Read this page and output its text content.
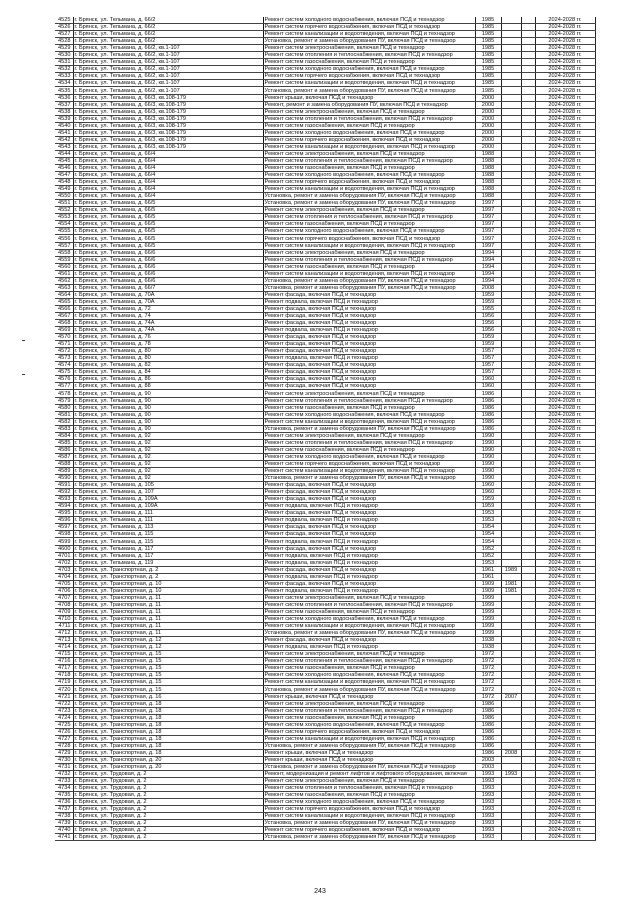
4525	г. Брянск, ул. Тельмана, д. 66/2	Ремонт систем холодного водоснабжения, включая ПСД и технадзор	1985			2024-2028 гг.
4526	г. Брянск, ул. Тельмана, д. 66/2	Ремонт систем горячего водоснабжения, включая ПСД и технадзор	1985			2024-2028 гг.
4527	г. Брянск, ул. Тельмана, д. 66/2	Ремонт систем канализации и водоотведения, включая ПСД и технадзор	1985			2024-2028 гг.
4528	г. Брянск, ул. Тельмана, д. 66/2	Установка, ремонт и замена оборудования ПУ, включая ПСД и технадзор	1985			2024-2028 гг.
4529	г. Брянск, ул. Тельмана, д. 66/2, кв.1-107	Ремонт систем электроснабжения, включая ПСД и технадзор	1985			2024-2028 гг.
4530	г. Брянск, ул. Тельмана, д. 66/2, кв.1-107	Ремонт систем отопления и теплоснабжения, включая ПСД и технадзор	1985			2024-2028 гг.
4531	г. Брянск, ул. Тельмана, д. 66/2, кв.1-107	Ремонт систем газоснабжения, включая ПСД и технадзор	1985			2024-2028 гг.
4532	г. Брянск, ул. Тельмана, д. 66/2, кв.1-107	Ремонт систем холодного водоснабжения, включая ПСД и технадзор	1985			2024-2028 гг.
4533	г. Брянск, ул. Тельмана, д. 66/2, кв.1-107	Ремонт систем горячего водоснабжения, включая ПСД и технадзор	1985			2024-2028 гг.
4534	г. Брянск, ул. Тельмана, д. 66/2, кв.1-107	Ремонт систем канализации и водоотведения, включая ПСД и технадзор	1985			2024-2028 гг.
4535	г. Брянск, ул. Тельмана, д. 66/2, кв.1-107	Установка, ремонт и замена оборудования ПУ, включая ПСД и технадзор	1985			2024-2028 гг.
4536	г. Брянск, ул. Тельмана, д. 66/3, кв.108-179	Ремонт крыши, включая ПСД и технадзор	2000			2024-2028 гг.
4537	г. Брянск, ул. Тельмана, д. 66/3, кв.108-179	Ремонт, ремонт и замена оборудования ПУ, включая ПСД и технадзор	2000			2024-2028 гг.
4538	г. Брянск, ул. Тельмана, д. 66/3, кв.108-179	Ремонт систем электроснабжения, включая ПСД и технадзор	2000			2024-2028 гг.
4539	г. Брянск, ул. Тельмана, д. 66/3, кв.108-179	Ремонт систем отопления и теплоснабжения, включая ПСД и технадзор	2000			2024-2028 гг.
4540	г. Брянск, ул. Тельмана, д. 66/3, кв.108-179	Ремонт систем газоснабжения, включая ПСД и технадзор	2000			2024-2028 гг.
4541	г. Брянск, ул. Тельмана, д. 66/3, кв.108-179	Ремонт систем холодного водоснабжения, включая ПСД и технадзор	2000			2024-2028 гг.
4542	г. Брянск, ул. Тельмана, д. 66/3, кв.108-179	Ремонт систем горячего водоснабжения, включая ПСД и технадзор	2000			2024-2028 гг.
4543	г. Брянск, ул. Тельмана, д. 66/3, кв.108-179	Ремонт систем канализации и водоотведения, включая ПСД и технадзор	2000			2024-2028 гг.
4544	г. Брянск, ул. Тельмана, д. 66/4	Ремонт систем электроснабжения, включая ПСД и технадзор	1988			2024-2028 гг.
4545	г. Брянск, ул. Тельмана, д. 66/4	Ремонт систем отопления и теплоснабжения, включая ПСД и технадзор	1988			2024-2028 гг.
4546	г. Брянск, ул. Тельмана, д. 66/4	Ремонт систем газоснабжения, включая ПСД и технадзор	1988			2024-2028 гг.
4547	г. Брянск, ул. Тельмана, д. 66/4	Ремонт систем холодного водоснабжения, включая ПСД и технадзор	1988			2024-2028 гг.
4548	г. Брянск, ул. Тельмана, д. 66/4	Ремонт систем горячего водоснабжения, включая ПСД и технадзор	1988			2024-2028 гг.
4549	г. Брянск, ул. Тельмана, д. 66/4	Ремонт систем канализации и водоотведения, включая ПСД и технадзор	1988			2024-2028 гг.
4550	г. Брянск, ул. Тельмана, д. 66/4	Установка, ремонт и замена оборудования ПУ, включая ПСД и технадзор	1988			2024-2028 гг.
4551	г. Брянск, ул. Тельмана, д. 66/5	Установка, ремонт и замена оборудования ПУ, включая ПСД и технадзор	1997			2024-2028 гг.
4552	г. Брянск, ул. Тельмана, д. 66/5	Ремонт систем электроснабжения, включая ПСД и технадзор	1997			2024-2028 гг.
4553	г. Брянск, ул. Тельмана, д. 66/5	Ремонт систем отопления и теплоснабжения, включая ПСД и технадзор	1997			2024-2028 гг.
4554	г. Брянск, ул. Тельмана, д. 66/5	Ремонт систем газоснабжения, включая ПСД и технадзор	1997			2024-2028 гг.
4555	г. Брянск, ул. Тельмана, д. 66/5	Ремонт систем холодного водоснабжения, включая ПСД и технадзор	1997			2024-2028 гг.
4556	г. Брянск, ул. Тельмана, д. 66/5	Ремонт систем горячего водоснабжения, включая ПСД и технадзор	1997			2024-2028 гг.
4557	г. Брянск, ул. Тельмана, д. 66/5	Ремонт систем канализации и водоотведения, включая ПСД и технадзор	1997			2024-2028 гг.
4558	г. Брянск, ул. Тельмана, д. 66/6	Ремонт систем электроснабжения, включая ПСД и технадзор	1994			2024-2028 гг.
4559	г. Брянск, ул. Тельмана, д. 66/6	Ремонт систем отопления и теплоснабжения, включая ПСД и технадзор	1994			2024-2028 гг.
4560	г. Брянск, ул. Тельмана, д. 66/6	Ремонт систем газоснабжения, включая ПСД и технадзор	1994			2024-2028 гг.
4561	г. Брянск, ул. Тельмана, д. 66/6	Ремонт систем канализации и водоотведения, включая ПСД и технадзор	1994			2024-2028 гг.
4562	г. Брянск, ул. Тельмана, д. 66/6	Установка, ремонт и замена оборудования ПУ, включая ПСД и технадзор	1994			2024-2028 гг.
4563	г. Брянск, ул. Тельмана, д. 66/7	Установка, ремонт и замена оборудования ПУ, включая ПСД и технадзор	2008			2024-2028 гг.
4564	г. Брянск, ул. Тельмана, д. 70А	Ремонт фасада, включая ПСД и технадзор	1959			2024-2028 гг.
4565	г. Брянск, ул. Тельмана, д. 70А	Ремонт подвала, включая ПСД и технадзор	1959			2024-2028 гг.
4566	г. Брянск, ул. Тельмана, д. 72	Ремонт фасада, включая ПСД и технадзор	1955			2024-2028 гг.
4567	г. Брянск, ул. Тельмана, д. 74	Ремонт фасада, включая ПСД и технадзор	1956			2024-2028 гг.
4568	г. Брянск, ул. Тельмана, д. 74А	Ремонт фасада, включая ПСД и технадзор	1956			2024-2028 гг.
4569	г. Брянск, ул. Тельмана, д. 74А	Ремонт подвала, включая ПСД и технадзор	1956			2024-2028 гг.
4570	г. Брянск, ул. Тельмана, д. 76	Ремонт фасада, включая ПСД и технадзор	1959			2024-2028 гг.
4571	г. Брянск, ул. Тельмана, д. 78	Ремонт фасада, включая ПСД и технадзор	1959			2024-2028 гг.
4572	г. Брянск, ул. Тельмана, д. 80	Ремонт фасада, включая ПСД и технадзор	1957			2024-2028 гг.
4573	г. Брянск, ул. Тельмана, д. 80	Ремонт подвала, включая ПСД и технадзор	1957			2024-2028 гг.
4574	г. Брянск, ул. Тельмана, д. 82	Ремонт фасада, включая ПСД и технадзор	1957			2024-2028 гг.
4575	г. Брянск, ул. Тельмана, д. 84	Ремонт фасада, включая ПСД и технадзор	1957			2024-2028 гг.
4576	г. Брянск, ул. Тельмана, д. 86	Ремонт фасада, включая ПСД и технадзор	1960			2024-2028 гг.
4577	г. Брянск, ул. Тельмана, д. 88	Ремонт фасада, включая ПСД и технадзор	1960			2024-2028 гг.
4578	г. Брянск, ул. Тельмана, д. 90	Ремонт систем электроснабжения, включая ПСД и технадзор	1986			2024-2028 гг.
4579	г. Брянск, ул. Тельмана, д. 90	Ремонт систем отопления и теплоснабжения, включая ПСД и технадзор	1986			2024-2028 гг.
4580	г. Брянск, ул. Тельмана, д. 90	Ремонт систем газоснабжения, включая ПСД и технадзор	1986			2024-2028 гг.
4581	г. Брянск, ул. Тельмана, д. 90	Ремонт систем холодного водоснабжения, включая ПСД и технадзор	1986			2024-2028 гг.
4582	г. Брянск, ул. Тельмана, д. 90	Ремонт систем канализации и водоотведения, включая ПСД и технадзор	1986			2024-2028 гг.
4583	г. Брянск, ул. Тельмана, д. 90	Установка, ремонт и замена оборудования ПУ, включая ПСД и технадзор	1986			2024-2028 гг.
4584	г. Брянск, ул. Тельмана, д. 92	Ремонт систем электроснабжения, включая ПСД и технадзор	1990			2024-2028 гг.
4585	г. Брянск, ул. Тельмана, д. 92	Ремонт систем отопления и теплоснабжения, включая ПСД и технадзор	1990			2024-2028 гг.
4586	г. Брянск, ул. Тельмана, д. 92	Ремонт систем газоснабжения, включая ПСД и технадзор	1990			2024-2028 гг.
4587	г. Брянск, ул. Тельмана, д. 92	Ремонт систем холодного водоснабжения, включая ПСД и технадзор	1990			2024-2028 гг.
4588	г. Брянск, ул. Тельмана, д. 92	Ремонт систем горячего водоснабжения, включая ПСД и технадзор	1990			2024-2028 гг.
4589	г. Брянск, ул. Тельмана, д. 92	Ремонт систем канализации и водоотведения, включая ПСД и технадзор	1990			2024-2028 гг.
4590	г. Брянск, ул. Тельмана, д. 92	Установка, ремонт и замена оборудования ПУ, включая ПСД и технадзор	1990			2024-2028 гг.
4591	г. Брянск, ул. Тельмана, д. 105	Ремонт фасада, включая ПСД и технадзор	1960			2024-2028 гг.
4592	г. Брянск, ул. Тельмана, д. 107	Ремонт фасада, включая ПСД и технадзор	1960			2024-2028 гг.
4593	г. Брянск, ул. Тельмана, д. 109А	Ремонт фасада, включая ПСД и технадзор	1959			2024-2028 гг.
4594	г. Брянск, ул. Тельмана, д. 109А	Ремонт подвала, включая ПСД и технадзор	1959			2024-2028 гг.
4595	г. Брянск, ул. Тельмана, д. 111	Ремонт фасада, включая ПСД и технадзор	1953			2024-2028 гг.
4596	г. Брянск, ул. Тельмана, д. 111	Ремонт подвала, включая ПСД и технадзор	1953			2024-2028 гг.
4597	г. Брянск, ул. Тельмана, д. 113	Ремонт фасада, включая ПСД и технадзор	1954			2024-2028 гг.
4598	г. Брянск, ул. Тельмана, д. 115	Ремонт фасада, включая ПСД и технадзор	1954			2024-2028 гг.
4599	г. Брянск, ул. Тельмана, д. 115	Ремонт подвала, включая ПСД и технадзор	1954			2024-2028 гг.
4600	г. Брянск, ул. Тельмана, д. 117	Ремонт фасада, включая ПСД и технадзор	1952			2024-2028 гг.
4701	г. Брянск, ул. Тельмана, д. 117	Ремонт подвала, включая ПСД и технадзор	1952			2024-2028 гг.
4702	г. Брянск, ул. Тельмана, д. 119	Ремонт подвала, включая ПСД и технадзор	1953			2024-2028 гг.
4703	г. Брянск, ул. Транспортная, д. 2	Ремонт фасада, включая ПСД и технадзор	1961	1989		2024-2028 гг.
4704	г. Брянск, ул. Транспортная, д. 2	Ремонт подвала, включая ПСД и технадзор	1961			2024-2028 гг.
4705	г. Брянск, ул. Транспортная, д. 10	Ремонт фасада, включая ПСД и технадзор	1909	1981		2024-2028 гг.
4706	г. Брянск, ул. Транспортная, д. 10	Ремонт подвала, включая ПСД и технадзор	1909	1981		2024-2028 гг.
4707	г. Брянск, ул. Транспортная, д. 11	Ремонт систем электроснабжения, включая ПСД и технадзор	1999			2024-2028 гг.
4708	г. Брянск, ул. Транспортная, д. 11	Ремонт систем отопления и теплоснабжения, включая ПСД и технадзор	1999			2024-2028 гг.
4709	г. Брянск, ул. Транспортная, д. 11	Ремонт систем газоснабжения, включая ПСД и технадзор	1999			2024-2028 гг.
4710	г. Брянск, ул. Транспортная, д. 11	Ремонт систем холодного водоснабжения, включая ПСД и технадзор	1999			2024-2028 гг.
4711	г. Брянск, ул. Транспортная, д. 11	Ремонт систем канализации и водоотведения, включая ПСД и технадзор	1999			2024-2028 гг.
4712	г. Брянск, ул. Транспортная, д. 11	Установка, ремонт и замена оборудования ПУ, включая ПСД и технадзор	1999			2024-2028 гг.
4713	г. Брянск, ул. Транспортная, д. 12	Ремонт фасада, включая ПСД и технадзор	1938			2024-2028 гг.
4714	г. Брянск, ул. Транспортная, д. 12	Ремонт подвала, включая ПСД и технадзор	1938			2024-2028 гг.
4715	г. Брянск, ул. Транспортная, д. 15	Ремонт систем электроснабжения, включая ПСД и технадзор	1972			2024-2028 гг.
4716	г. Брянск, ул. Транспортная, д. 15	Ремонт систем отопления и теплоснабжения, включая ПСД и технадзор	1972			2024-2028 гг.
4717	г. Брянск, ул. Транспортная, д. 15	Ремонт систем газоснабжения, включая ПСД и технадзор	1972			2024-2028 гг.
4718	г. Брянск, ул. Транспортная, д. 15	Ремонт систем холодного водоснабжения, включая ПСД и технадзор	1972			2024-2028 гг.
4719	г. Брянск, ул. Транспортная, д. 15	Ремонт систем канализации и водоотведения, включая ПСД и технадзор	1972			2024-2028 гг.
4720	г. Брянск, ул. Транспортная, д. 15	Установка, ремонт и замена оборудования ПУ, включая ПСД и технадзор	1972			2024-2028 гг.
4721	г. Брянск, ул. Транспортная, д. 16	Ремонт крыши, включая ПСД и технадзор	1972	2007		2024-2028 гг.
4722	г. Брянск, ул. Транспортная, д. 18	Ремонт систем электроснабжения, включая ПСД и технадзор	1986			2024-2028 гг.
4723	г. Брянск, ул. Транспортная, д. 18	Ремонт систем отопления и теплоснабжения, включая ПСД и технадзор	1986			2024-2028 гг.
4724	г. Брянск, ул. Транспортная, д. 18	Ремонт систем газоснабжения, включая ПСД и технадзор	1986			2024-2028 гг.
4725	г. Брянск, ул. Транспортная, д. 18	Ремонт систем холодного водоснабжения, включая ПСД и технадзор	1986			2024-2028 гг.
4726	г. Брянск, ул. Транспортная, д. 18	Ремонт систем горячего водоснабжения, включая ПСД и технадзор	1986			2024-2028 гг.
4727	г. Брянск, ул. Транспортная, д. 18	Ремонт систем канализации и водоотведения, включая ПСД и технадзор	1986			2024-2028 гг.
4728	г. Брянск, ул. Транспортная, д. 18	Установка, ремонт и замена оборудования ПУ, включая ПСД и технадзор	1986			2024-2028 гг.
4729	г. Брянск, ул. Транспортная, д. 18	Ремонт крыши, включая ПСД и технадзор	1986	2008		2024-2028 гг.
4730	г. Брянск, ул. Транспортная, д. 20	Ремонт крыши, включая ПСД и технадзор	2003			2024-2028 гг.
4731	г. Брянск, ул. Транспортная, д. 20	Установка, ремонт и замена оборудования ПУ, включая ПСД и технадзор	2003			2024-2028 гг.
4732	г. Брянск, ул. Трудовая, д. 2	Ремонт, модернизация и ремонт лифтов и лифтового оборудования, включая	1993	1993		2024-2028 гг.
4733	г. Брянск, ул. Трудовая, д. 2	Ремонт систем электроснабжения, включая ПСД и технадзор	1993			2024-2028 гг.
4734	г. Брянск, ул. Трудовая, д. 2	Ремонт систем отопления и теплоснабжения, включая ПСД и технадзор	1993			2024-2028 гг.
4735	г. Брянск, ул. Трудовая, д. 2	Ремонт систем газоснабжения, включая ПСД и технадзор	1993			2024-2028 гг.
4736	г. Брянск, ул. Трудовая, д. 2	Ремонт систем холодного водоснабжения, включая ПСД и технадзор	1993			2024-2028 гг.
4737	г. Брянск, ул. Трудовая, д. 2	Ремонт систем горячего водоснабжения, включая ПСД и технадзор	1993			2024-2028 гг.
4738	г. Брянск, ул. Трудовая, д. 2	Ремонт систем канализации и водоотведения, включая ПСД и технадзор	1993			2024-2028 гг.
4739	г. Брянск, ул. Трудовая, д. 2	Установка, ремонт и замена оборудования ПУ, включая ПСД и технадзор	1993			2024-2028 гг.
4740	г. Брянск, ул. Трудовая, д. 2	Ремонт систем горячего водоснабжения, включая ПСД и технадзор	1993			2024-2028 гг.
4741	г. Брянск, ул. Трудовая, д. 2	Установка, ремонт и замена оборудования ПУ, включая ПСД и технадзор	1993			2024-2028 гг.
243
